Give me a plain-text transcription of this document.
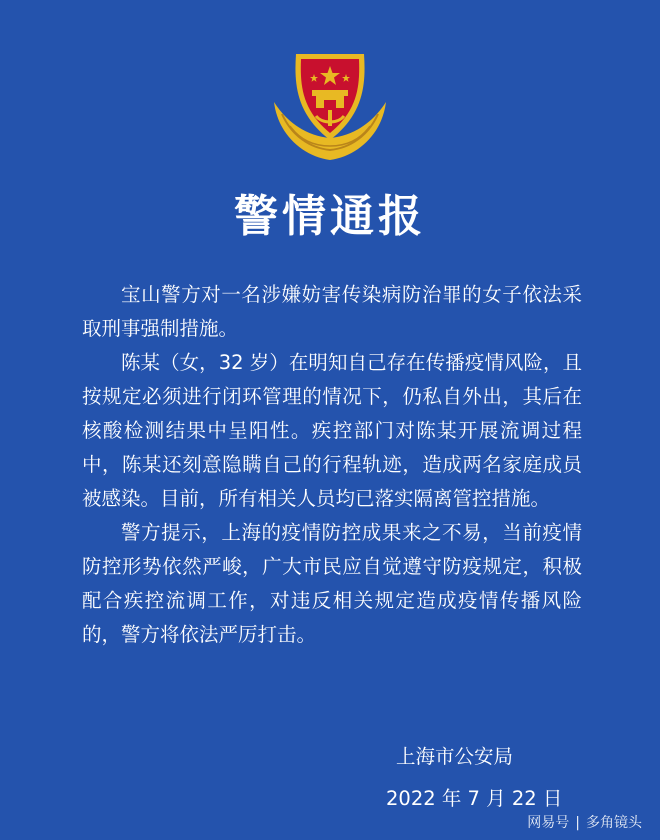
警情通报

宝山警方对一名涉嫌妨害传染病防治罪的女子依法采取刑事强制措施。

陈某（女，32 岁）在明知自己存在传播疫情风险，且按规定必须进行闭环管理的情况下，仍私自外出，其后在核酸检测结果中呈阳性。疾控部门对陈某开展流调过程中，陈某还刻意隐瞒自己的行程轨迹，造成两名家庭成员被感染。目前，所有相关人员均已落实隔离管控措施。

警方提示，上海的疫情防控成果来之不易，当前疫情防控形势依然严峻，广大市民应自觉遵守防疫规定，积极配合疾控流调工作，对违反相关规定造成疫情传播风险的，警方将依法严厉打击。

上海市公安局
2022 年 7 月 22 日
网易号 | 多角镜头
